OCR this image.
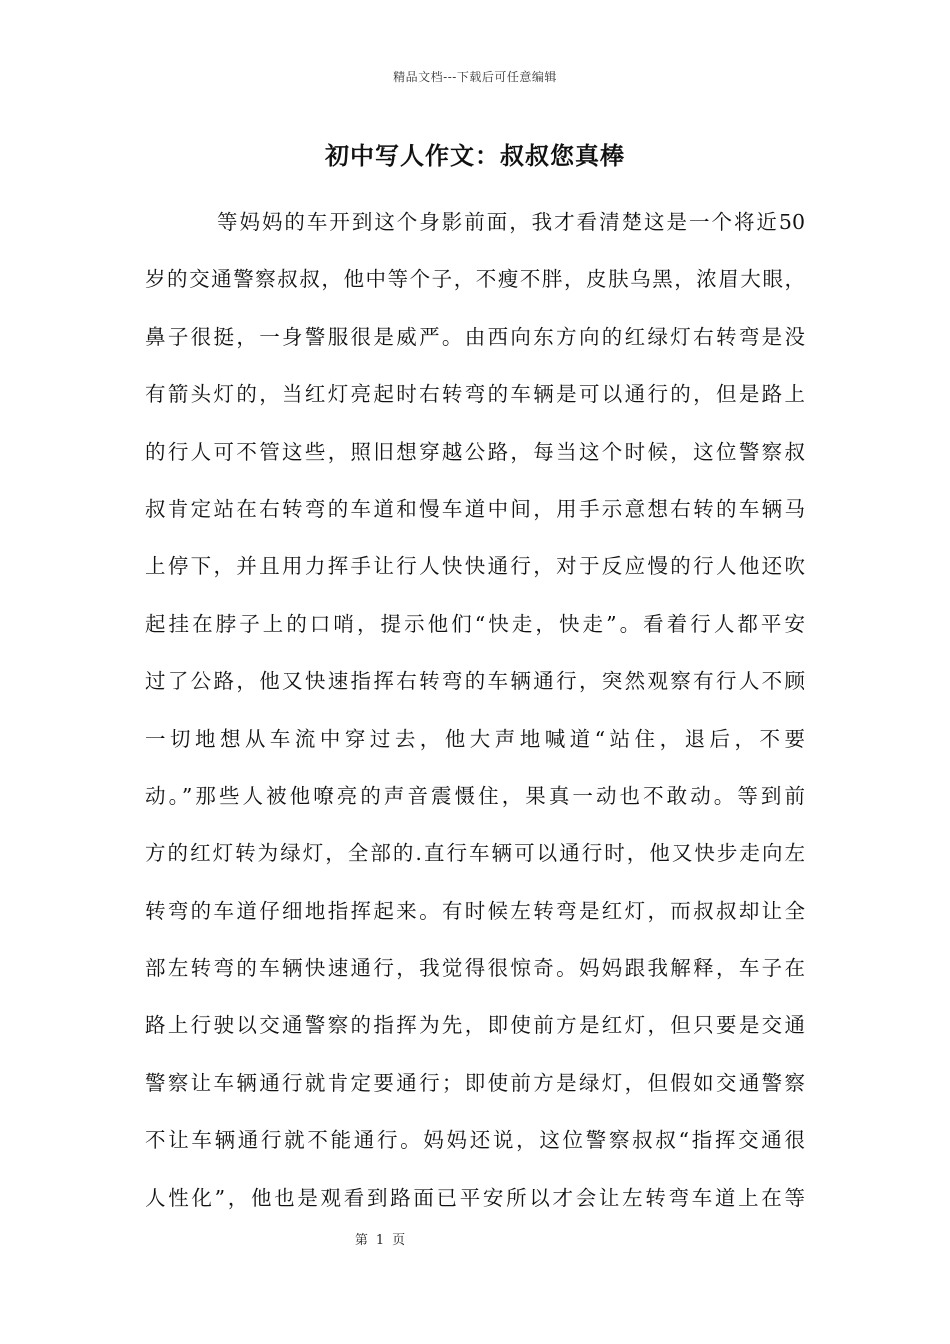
精品文档---下载后可任意编辑
初中写人作文：叔叔您真棒
等妈妈的车开到这个身影前面，我才看清楚这是一个将近50
岁的交通警察叔叔，他中等个子，不瘦不胖，皮肤乌黑，浓眉大眼，
鼻子很挺，一身警服很是威严。由西向东方向的红绿灯右转弯是没
有箭头灯的，当红灯亮起时右转弯的车辆是可以通行的，但是路上
的行人可不管这些，照旧想穿越公路，每当这个时候，这位警察叔
叔肯定站在右转弯的车道和慢车道中间，用手示意想右转的车辆马
上停下，并且用力挥手让行人快快通行，对于反应慢的行人他还吹
起挂在脖子上的口哨，提示他们“快走，快走”。看着行人都平安
过了公路，他又快速指挥右转弯的车辆通行，突然观察有行人不顾
一切地想从车流中穿过去，他大声地喊道“站住，退后，不要
动。”那些人被他嘹亮的声音震慑住，果真一动也不敢动。等到前
方的红灯转为绿灯，全部的.直行车辆可以通行时，他又快步走向左
转弯的车道仔细地指挥起来。有时候左转弯是红灯，而叔叔却让全
部左转弯的车辆快速通行，我觉得很惊奇。妈妈跟我解释，车子在
路上行驶以交通警察的指挥为先，即使前方是红灯，但只要是交通
警察让车辆通行就肯定要通行；即使前方是绿灯，但假如交通警察
不让车辆通行就不能通行。妈妈还说，这位警察叔叔“指挥交通很
人性化”，他也是观看到路面已平安所以才会让左转弯车道上在等
第 1 页
